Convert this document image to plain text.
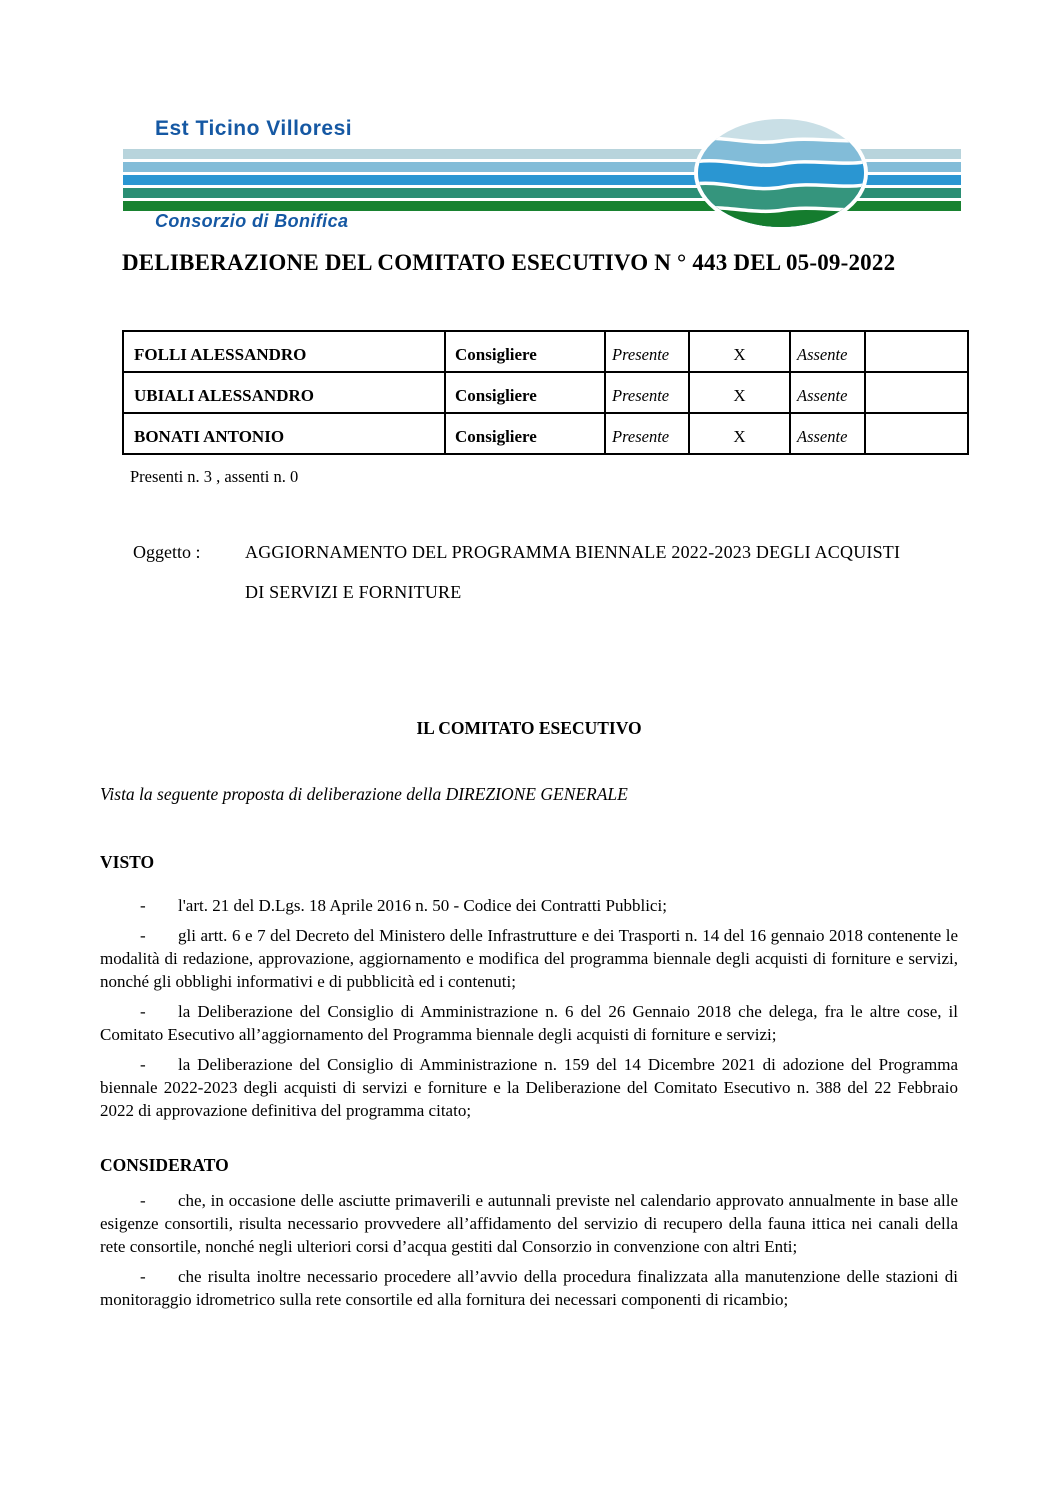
Est Ticino Villoresi
Consorzio di Bonifica
DELIBERAZIONE DEL COMITATO ESECUTIVO N ° 443 DEL 05-09-2022
FOLLI ALESSANDRO	Consigliere	Presente	X	Assente	
UBIALI ALESSANDRO	Consigliere	Presente	X	Assente	
BONATI ANTONIO	Consigliere	Presente	X	Assente	
Presenti n. 3 , assenti n. 0
Oggetto :	AGGIORNAMENTO DEL PROGRAMMA BIENNALE 2022-2023 DEGLI ACQUISTI
DI SERVIZI E FORNITURE
IL COMITATO ESECUTIVO
Vista la seguente proposta di deliberazione della DIREZIONE GENERALE
VISTO

- l'art. 21 del D.Lgs. 18 Aprile 2016 n. 50 - Codice dei Contratti Pubblici;

- gli artt. 6 e 7 del Decreto del Ministero delle Infrastrutture e dei Trasporti n. 14 del 16 gennaio 2018 contenente le modalità di redazione, approvazione, aggiornamento e modifica del programma biennale degli acquisti di forniture e servizi, nonché gli obblighi informativi e di pubblicità ed i contenuti;

- la Deliberazione del Consiglio di Amministrazione n. 6 del 26 Gennaio 2018 che delega, fra le altre cose, il Comitato Esecutivo all’aggiornamento del Programma biennale degli acquisti di forniture e servizi;

- la Deliberazione del Consiglio di Amministrazione n. 159 del 14 Dicembre 2021 di adozione del Programma biennale 2022-2023 degli acquisti di servizi e forniture e la Deliberazione del Comitato Esecutivo n. 388 del 22 Febbraio 2022 di approvazione definitiva del programma citato;

CONSIDERATO

- che, in occasione delle asciutte primaverili e autunnali previste nel calendario approvato annualmente in base alle esigenze consortili, risulta necessario provvedere all’affidamento del servizio di recupero della fauna ittica nei canali della rete consortile, nonché negli ulteriori corsi d’acqua gestiti dal Consorzio in convenzione con altri Enti;

- che risulta inoltre necessario procedere all’avvio della procedura finalizzata alla manutenzione delle stazioni di monitoraggio idrometrico sulla rete consortile ed alla fornitura dei necessari componenti di ricambio;
